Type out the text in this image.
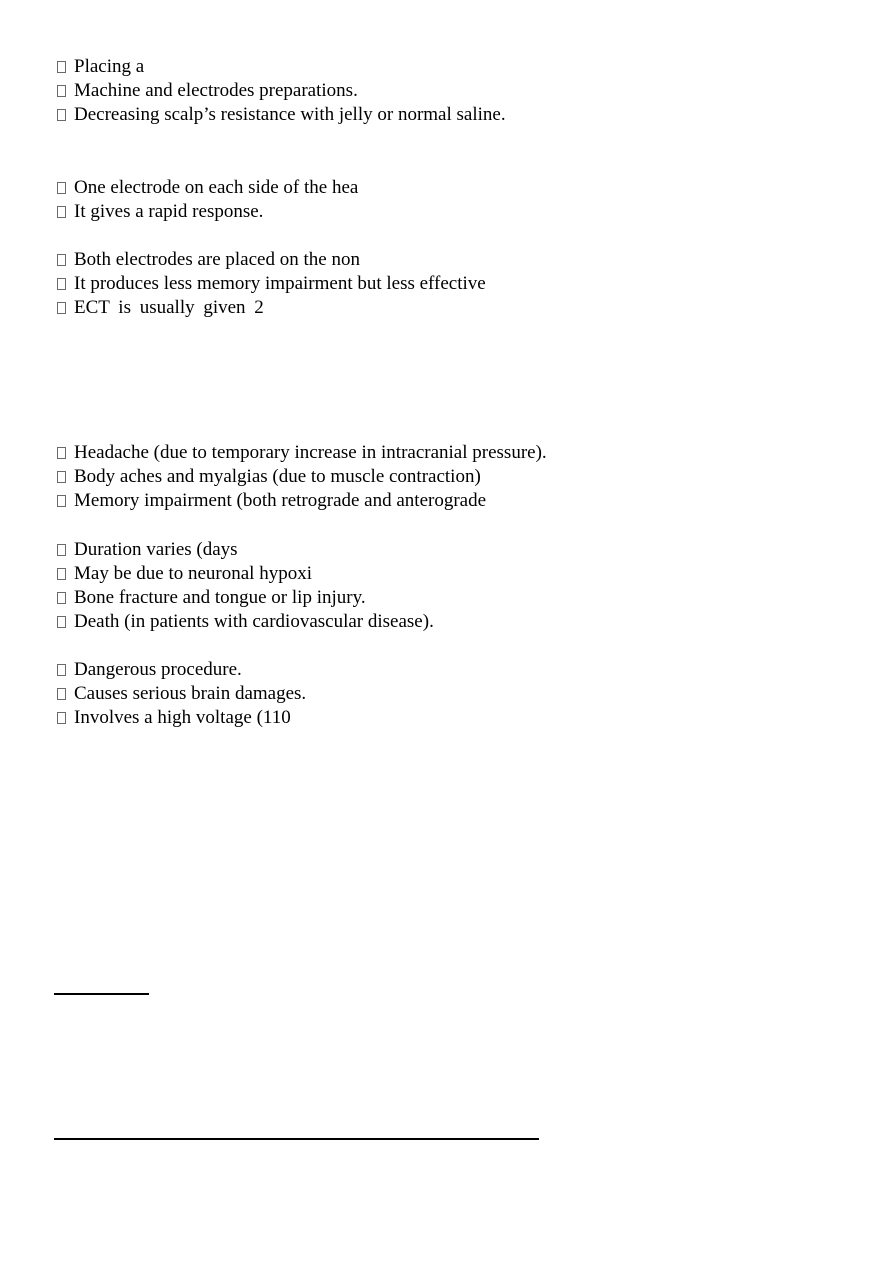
Placing a
Machine and electrodes preparations.
Decreasing scalp’s resistance with jelly or normal saline.
One electrode on each side of the hea
It gives a rapid response.
Both electrodes are placed on the non
It produces less memory impairment but less effective
ECT is usually given 2
Headache (due to temporary increase in intracranial pressure).
Body aches and myalgias (due to muscle contraction)
Memory impairment (both retrograde and anterograde
Duration varies (days
May be due to neuronal hypoxi
Bone fracture and tongue or lip injury.
Death (in patients with cardiovascular disease).
Dangerous procedure.
Causes serious brain damages.
Involves a high voltage (110
